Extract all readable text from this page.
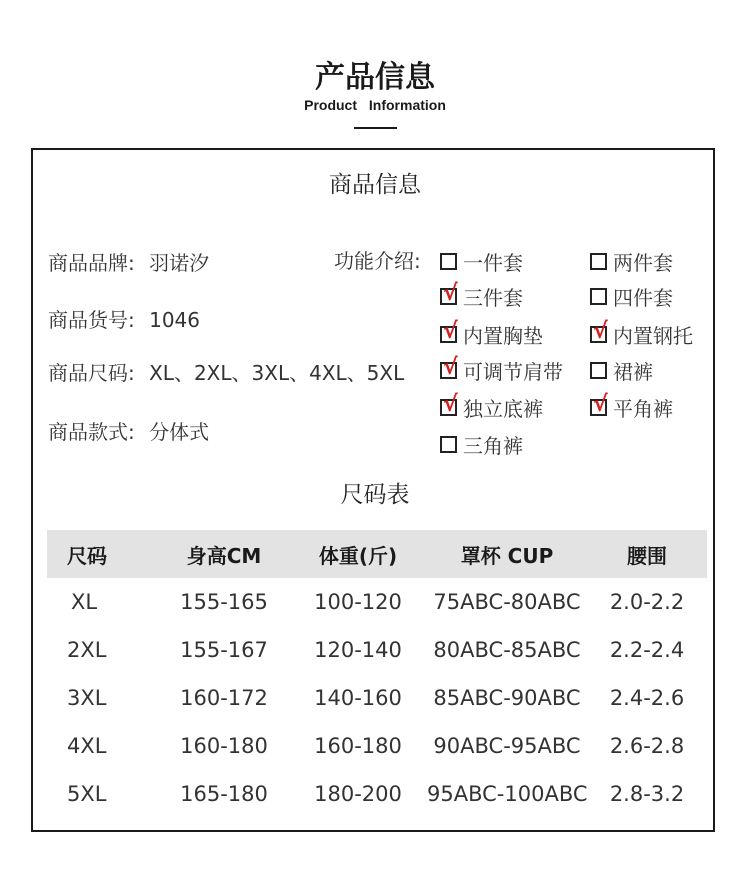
产品信息
Product Information
商品信息
商品品牌: 羽诺汐
商品货号: 1046
商品尺码: XL、2XL、3XL、4XL、5XL
商品款式: 分体式
功能介绍: 一件套	两件套
√ 三件套	四件套
√ 内置胸垫 √ 内置钢托
√ 可调节肩带	裙裤
√ 独立底裤 √ 平角裤
三角裤
尺码表
尺码	身高CM	体重(斤)	罩杯 CUP	腰围
XL	155-165	100-120	75ABC-80ABC	2.0-2.2
2XL	155-167	120-140	80ABC-85ABC	2.2-2.4
3XL	160-172	140-160	85ABC-90ABC	2.4-2.6
4XL	160-180	160-180	90ABC-95ABC	2.6-2.8
5XL	165-180	180-200	95ABC-100ABC	2.8-3.2
